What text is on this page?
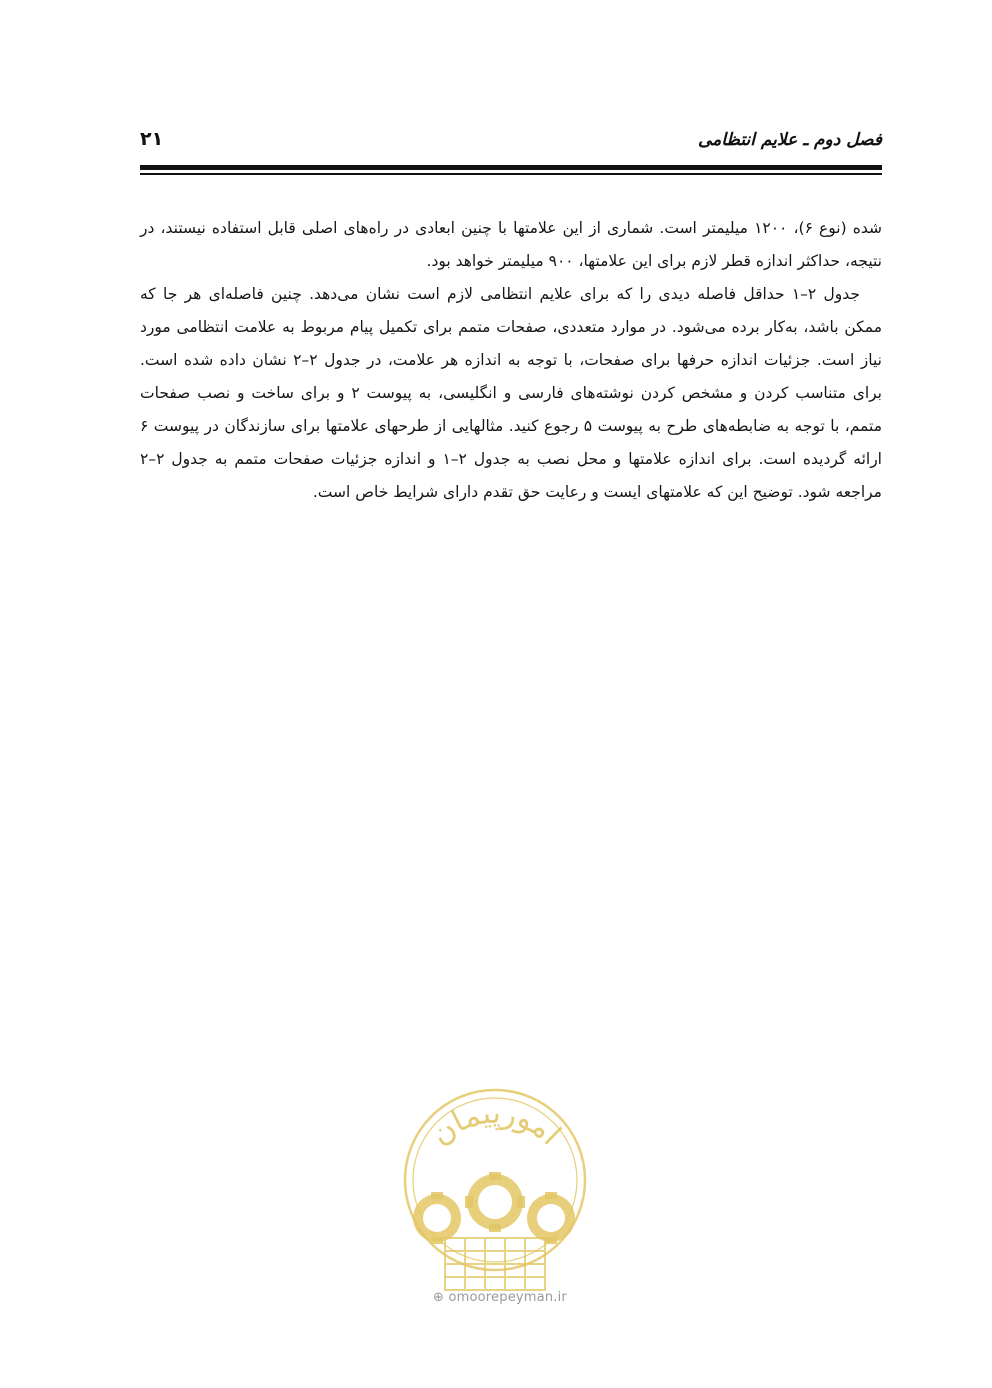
فصل دوم ـ علایم انتظامی
۲۱

شده (نوع ۶)، ۱۲۰۰ میلیمتر است. شماری از این علامتها با چنین ابعادی در راه‌های اصلی قابل استفاده نیستند، در نتیجه، حداکثر اندازه قطر لازم برای این علامتها، ۹۰۰ میلیمتر خواهد بود.

جدول ۲–۱ حداقل فاصله دیدی را که برای علایم انتظامی لازم است نشان می‌دهد. چنین فاصله‌ای هر جا که ممکن باشد، به‌کار برده می‌شود. در موارد متعددی، صفحات متمم برای تکمیل پیام مربوط به علامت انتظامی مورد نیاز است. جزئیات اندازه حرفها برای صفحات، با توجه به اندازه هر علامت، در جدول ۲–۲ نشان داده شده است. برای متناسب کردن و مشخص کردن نوشته‌های فارسی و انگلیسی، به پیوست ۲ و برای ساخت و نصب صفحات متمم، با توجه به ضابطه‌های طرح به پیوست ۵ رجوع کنید. مثالهایی از طرحهای علامتها برای سازندگان در پیوست ۶ ارائه گردیده است. برای اندازه علامتها و محل نصب به جدول ۲–۱ و اندازه جزئیات صفحات متمم به جدول ۲–۲ مراجعه شود. توضیح این که علامتهای ایست و رعایت حق تقدم دارای شرایط خاص است.

امورپیمان
⊕ omoorepeyman.ir
